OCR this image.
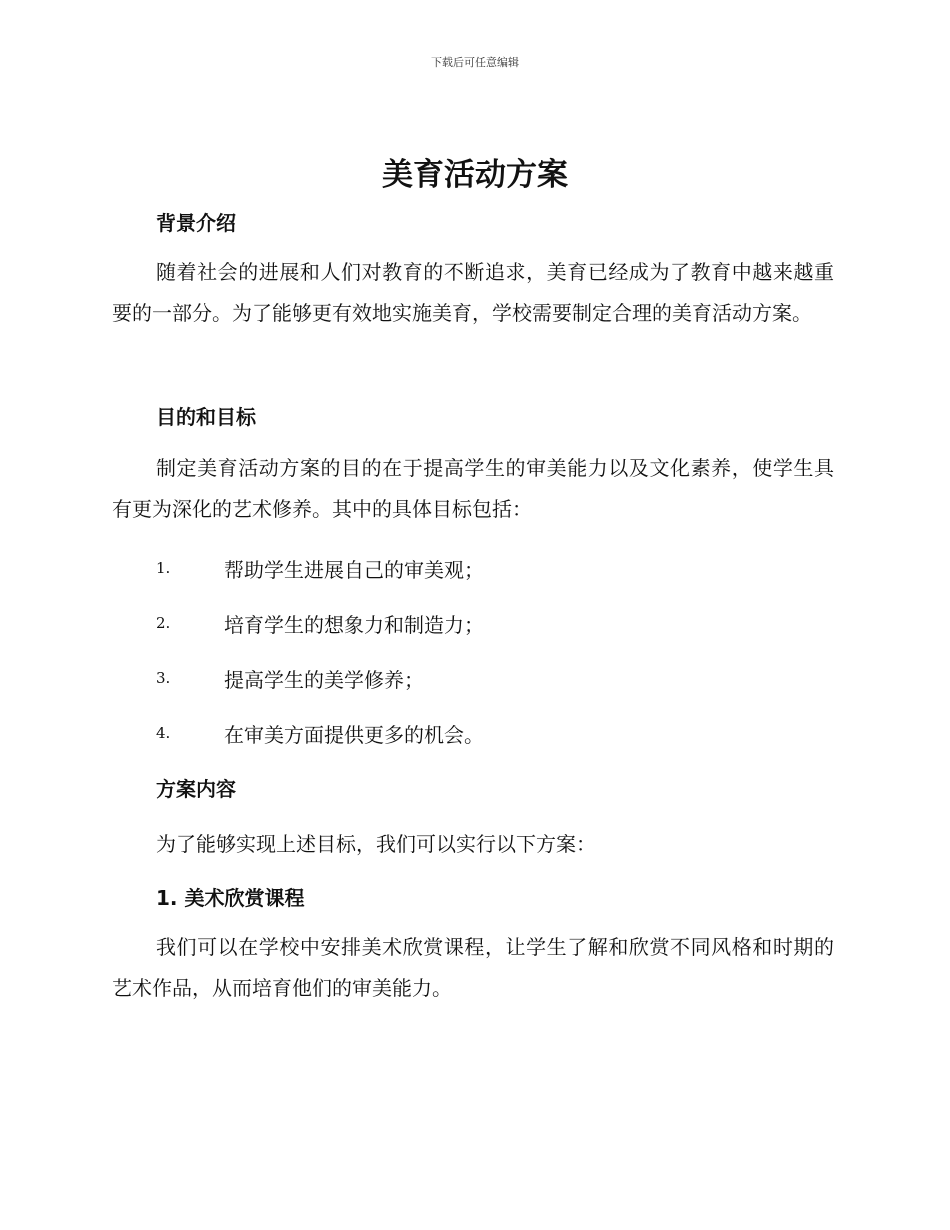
下载后可任意编辑
美育活动方案
背景介绍

随着社会的进展和人们对教育的不断追求，美育已经成为了教育中越来越重要的一部分。为了能够更有效地实施美育，学校需要制定合理的美育活动方案。

目的和目标

制定美育活动方案的目的在于提高学生的审美能力以及文化素养，使学生具有更为深化的艺术修养。其中的具体目标包括：

1.	帮助学生进展自己的审美观；
2.	培育学生的想象力和制造力；
3.	提高学生的美学修养；
4.	在审美方面提供更多的机会。
方案内容
为了能够实现上述目标，我们可以实行以下方案：
1. 美术欣赏课程

我们可以在学校中安排美术欣赏课程，让学生了解和欣赏不同风格和时期的艺术作品，从而培育他们的审美能力。
